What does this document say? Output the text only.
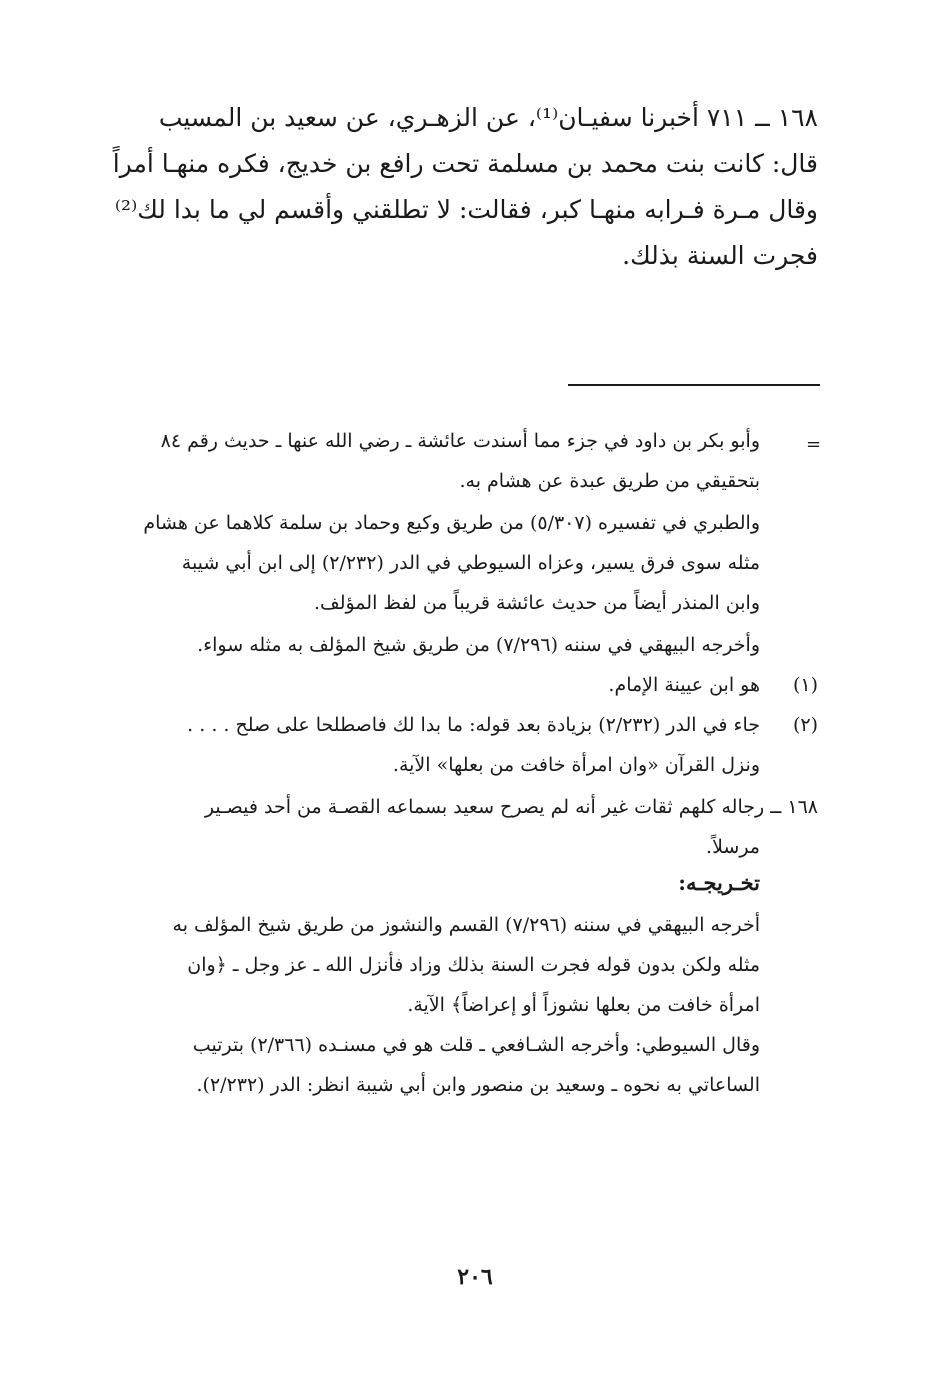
١٦٨ ــ ٧١١ أخبرنا سفيـان⁽¹⁾، عن الزهـري، عن سعيد بن المسيب
قال: كانت بنت محمد بن مسلمة تحت رافع بن خديج، فكره منهـا أمراً
وقال مـرة فـرابه منهـا كبر، فقالت: لا تطلقني وأقسم لي ما بدا لك⁽²⁾
فجرت السنة بذلك.
=
وأبو بكر بن داود في جزء مما أسندت عائشة ـ رضي الله عنها ـ حديث رقم ٨٤
بتحقيقي من طريق عبدة عن هشام به.
والطبري في تفسيره (٥/٣٠٧) من طريق وكيع وحماد بن سلمة كلاهما عن هشام
مثله سوى فرق يسير، وعزاه السيوطي في الدر (٢/٢٣٢) إلى ابن أبي شيبة
وابن المنذر أيضاً من حديث عائشة قريباً من لفظ المؤلف.
وأخرجه البيهقي في سننه (٧/٢٩٦) من طريق شيخ المؤلف به مثله سواء.
(١)
هو ابن عيينة الإمام.
(٢)
جاء في الدر (٢/٢٣٢) بزيادة بعد قوله: ما بدا لك فاصطلحا على صلح . . . .
ونزل القرآن «وان امرأة خافت من بعلها» الآية.
١٦٨ ــ رجاله كلهم ثقات غير أنه لم يصرح سعيد بسماعه القصـة من أحد فيصـير
مرسلاً.
تخـريجـه:
أخرجه البيهقي في سننه (٧/٢٩٦) القسم والنشوز من طريق شيخ المؤلف به
مثله ولكن بدون قوله فجرت السنة بذلك وزاد فأنزل الله ـ عز وجل ـ ﴿وان
امرأة خافت من بعلها نشوزاً أو إعراضاً﴾ الآية.
وقال السيوطي: وأخرجه الشـافعي ـ قلت هو في مسنـده (٢/٣٦٦) بترتيب
الساعاتي به نحوه ـ وسعيد بن منصور وابن أبي شيبة انظر: الدر (٢/٢٣٢).
٢٠٦
